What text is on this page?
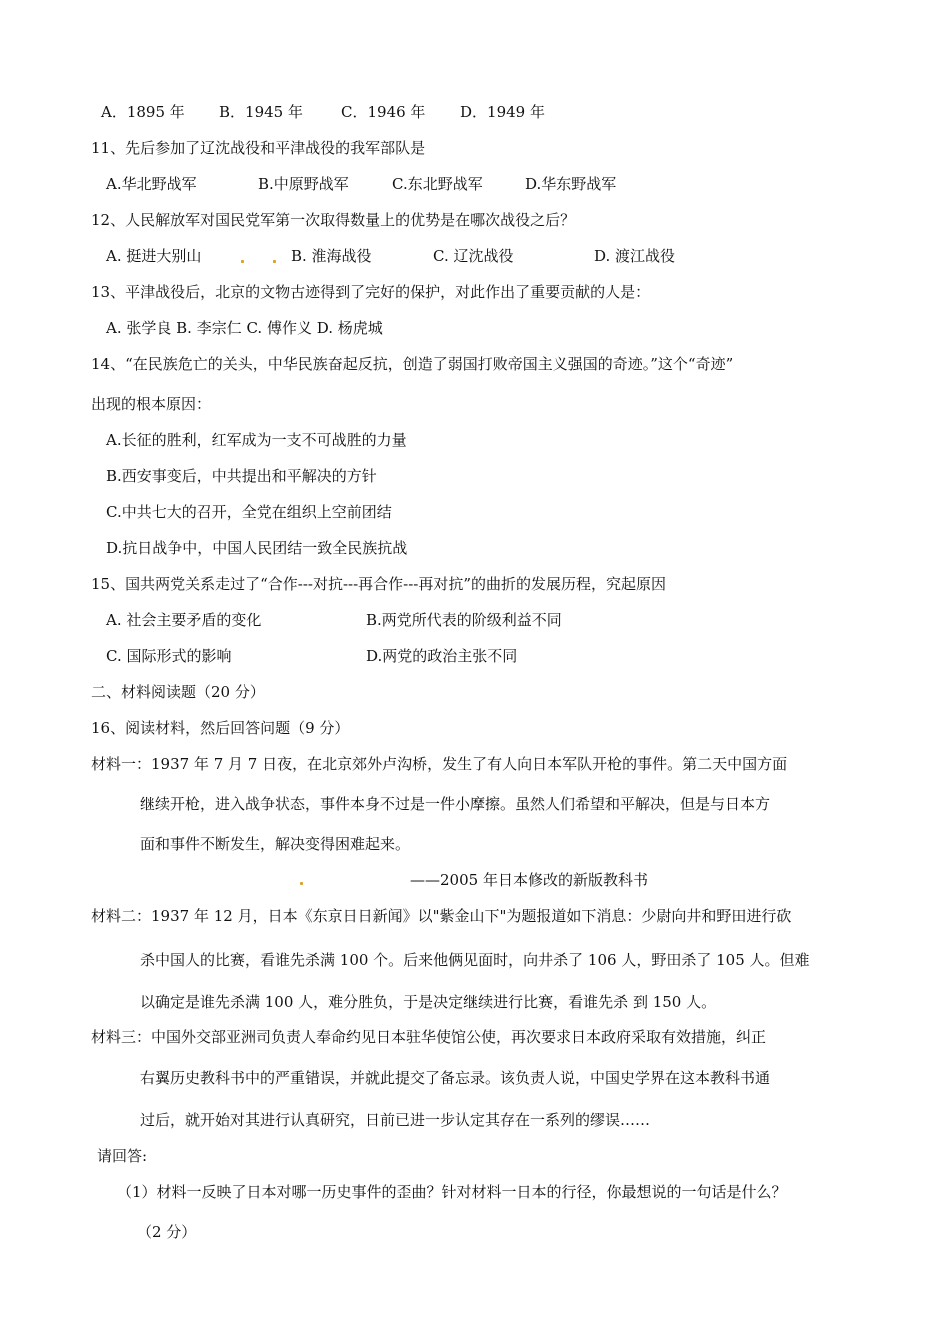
A．1895 年 B．1945 年	C．1946 年 D．1949 年
11、先后参加了辽沈战役和平津战役的我军部队是
A.华北野战军	B.中原野战军	C.东北野战军	D.华东野战军
12、人民解放军对国民党军第一次取得数量上的优势是在哪次战役之后？
A. 挺进大别山	B. 淮海战役	C. 辽沈战役	D. 渡江战役
13、平津战役后，北京的文物古迹得到了完好的保护，对此作出了重要贡献的人是：
A. 张学良 B. 李宗仁 C. 傅作义 D. 杨虎城
14、“在民族危亡的关头，中华民族奋起反抗，创造了弱国打败帝国主义强国的奇迹。”这个“奇迹”
出现的根本原因：
A.长征的胜利，红军成为一支不可战胜的力量
B.西安事变后，中共提出和平解决的方针
C.中共七大的召开，全党在组织上空前团结
D.抗日战争中，中国人民团结一致全民族抗战
15、国共两党关系走过了“合作---对抗---再合作---再对抗”的曲折的发展历程，究起原因
A. 社会主要矛盾的变化	B.两党所代表的阶级利益不同
C. 国际形式的影响	D.两党的政治主张不同
二、材料阅读题（20 分）
16、阅读材料，然后回答问题（9 分）
材料一：1937 年 7 月 7 日夜，在北京郊外卢沟桥，发生了有人向日本军队开枪的事件。第二天中国方面
继续开枪，进入战争状态，事件本身不过是一件小摩擦。虽然人们希望和平解决，但是与日本方
面和事件不断发生，解决变得困难起来。
——2005 年日本修改的新版教科书
材料二：1937 年 12 月，日本《东京日日新闻》以"紫金山下"为题报道如下消息：少尉向井和野田进行砍
杀中国人的比赛，看谁先杀满 100 个。后来他俩见面时，向井杀了 106 人，野田杀了 105 人。但难
以确定是谁先杀满 100 人，难分胜负，于是决定继续进行比赛，看谁先杀 到 150 人。
材料三：中国外交部亚洲司负责人奉命约见日本驻华使馆公使，再次要求日本政府采取有效措施，纠正
右翼历史教科书中的严重错误，并就此提交了备忘录。该负责人说，中国史学界在这本教科书通
过后，就开始对其进行认真研究，日前已进一步认定其存在一系列的缪误……
请回答:
（1）材料一反映了日本对哪一历史事件的歪曲？针对材料一日本的行径，你最想说的一句话是什么？
（2 分）
